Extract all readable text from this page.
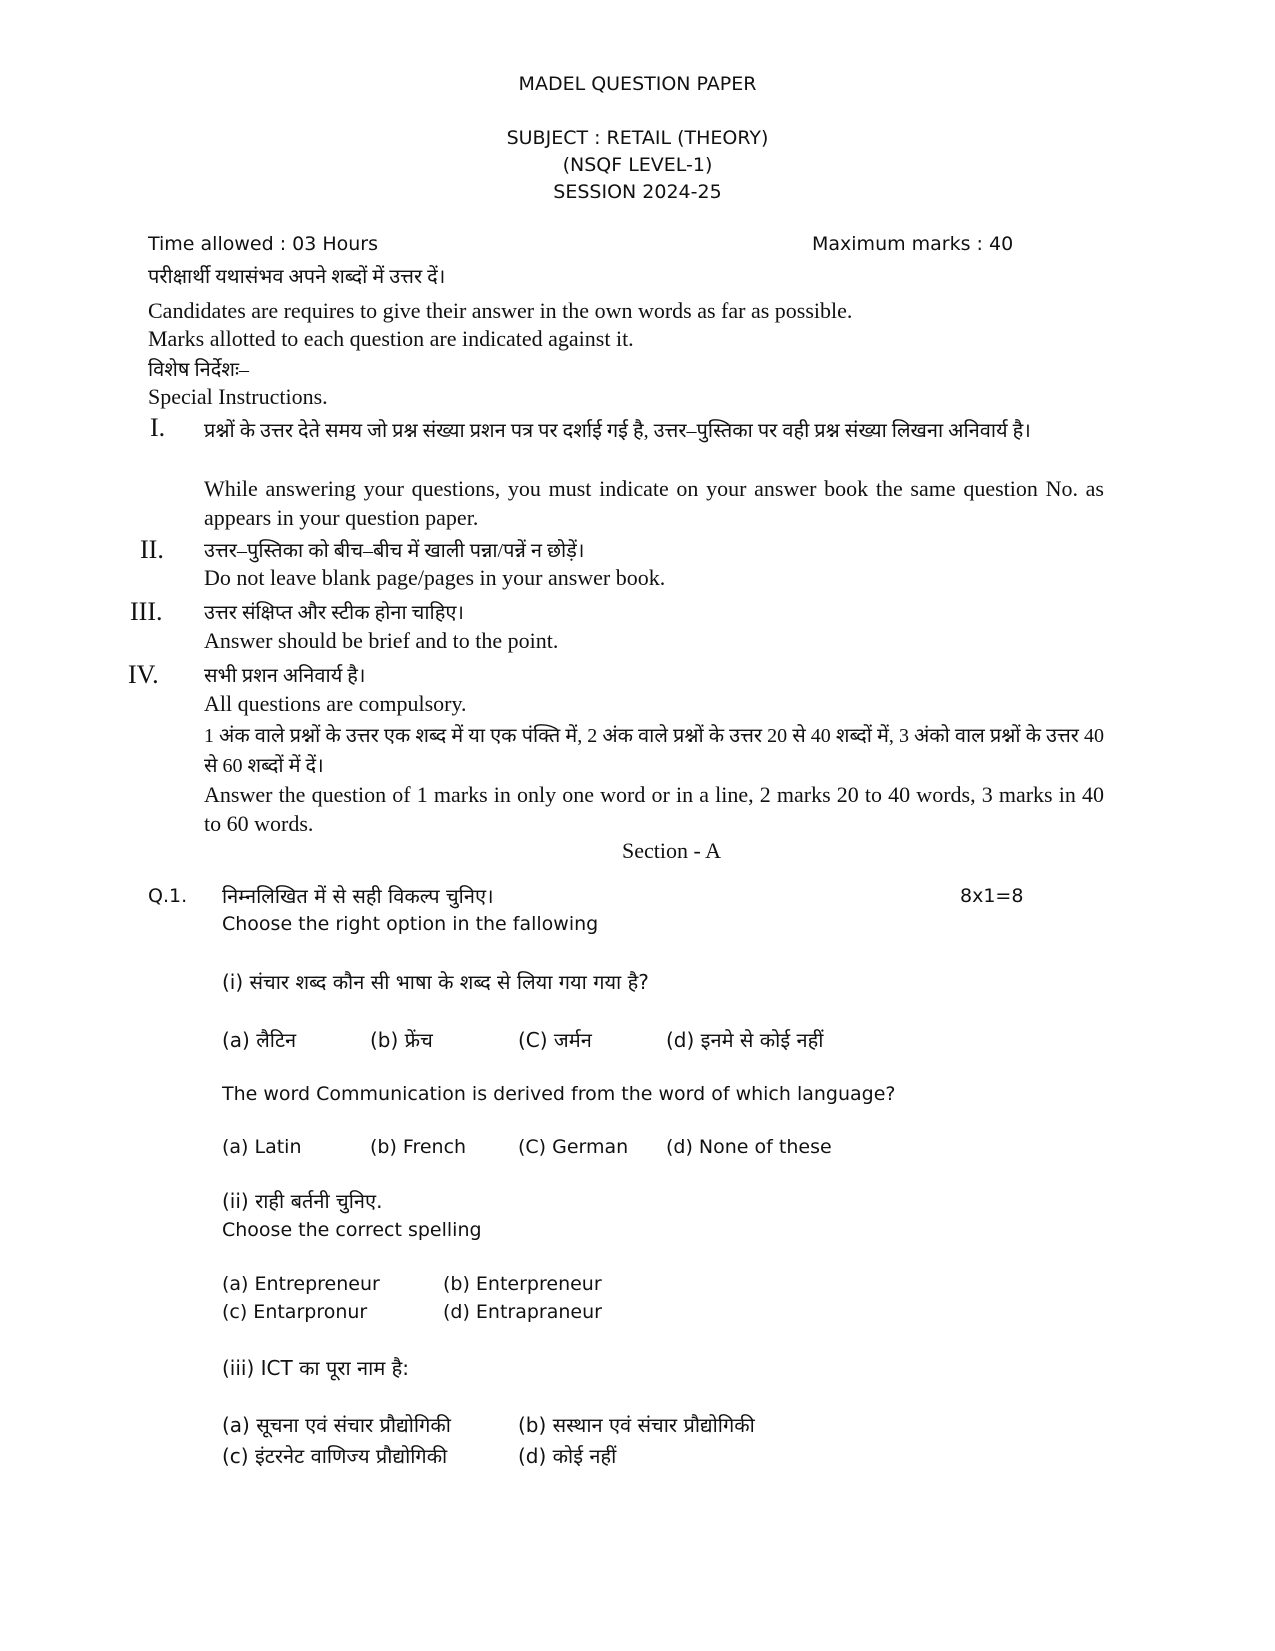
MADEL QUESTION PAPER
SUBJECT : RETAIL (THEORY)
(NSQF LEVEL-1)
SESSION 2024-25
Time allowed : 03 Hours	Maximum marks : 40
परीक्षार्थी यथासंभव अपने शब्दों में उत्तर दें।
Candidates are requires to give their answer in the own words as far as possible.
Marks allotted to each question are indicated against it.
विशेष निर्देशः–
Special Instructions.
I. प्रश्नों के उत्तर देते समय जो प्रश्न संख्या प्रशन पत्र पर दर्शाई गई है, उत्तर–पुस्तिका पर वही प्रश्न संख्या लिखना अनिवार्य है।
While answering your questions, you must indicate on your answer book the same question No. as appears in your question paper.
II. उत्तर–पुस्तिका को बीच–बीच में खाली पन्ना/पन्नें न छोड़ें।
Do not leave blank page/pages in your answer book.
III. उत्तर संक्षिप्त और स्टीक होना चाहिए।
Answer should be brief and to the point.
IV. सभी प्रशन अनिवार्य है।
All questions are compulsory.
1 अंक वाले प्रश्नों के उत्तर एक शब्द में या एक पंक्ति में, 2 अंक वाले प्रश्नों के उत्तर 20 से 40 शब्दों में, 3 अंको वाल प्रश्नों के उत्तर 40 से 60 शब्दों में दें।
Answer the question of 1 marks in only one word or in a line, 2 marks 20 to 40 words, 3 marks in 40 to 60 words.
Section - A
Q.1. निम्नलिखित में से सही विकल्प चुनिए।	8x1=8
Choose the right option in the fallowing
(i) संचार शब्द कौन सी भाषा के शब्द से लिया गया गया है?
(a) लैटिन	(b) फ्रेंच	(C) जर्मन	(d) इनमे से कोई नहीं
The word Communication is derived from the word of which language?
(a) Latin	(b) French	(C) German (d) None of these
(ii) राही बर्तनी चुनिए.
Choose the correct spelling
(a) Entrepreneur	(b) Enterpreneur
(c) Entarpronur	(d) Entrapraneur
(iii) ICT का पूरा नाम है:
(a) सूचना एवं संचार प्रौद्योगिकी	(b) सस्थान एवं संचार प्रौद्योगिकी
(c) इंटरनेट वाणिज्य प्रौद्योगिकी	(d) कोई नहीं
